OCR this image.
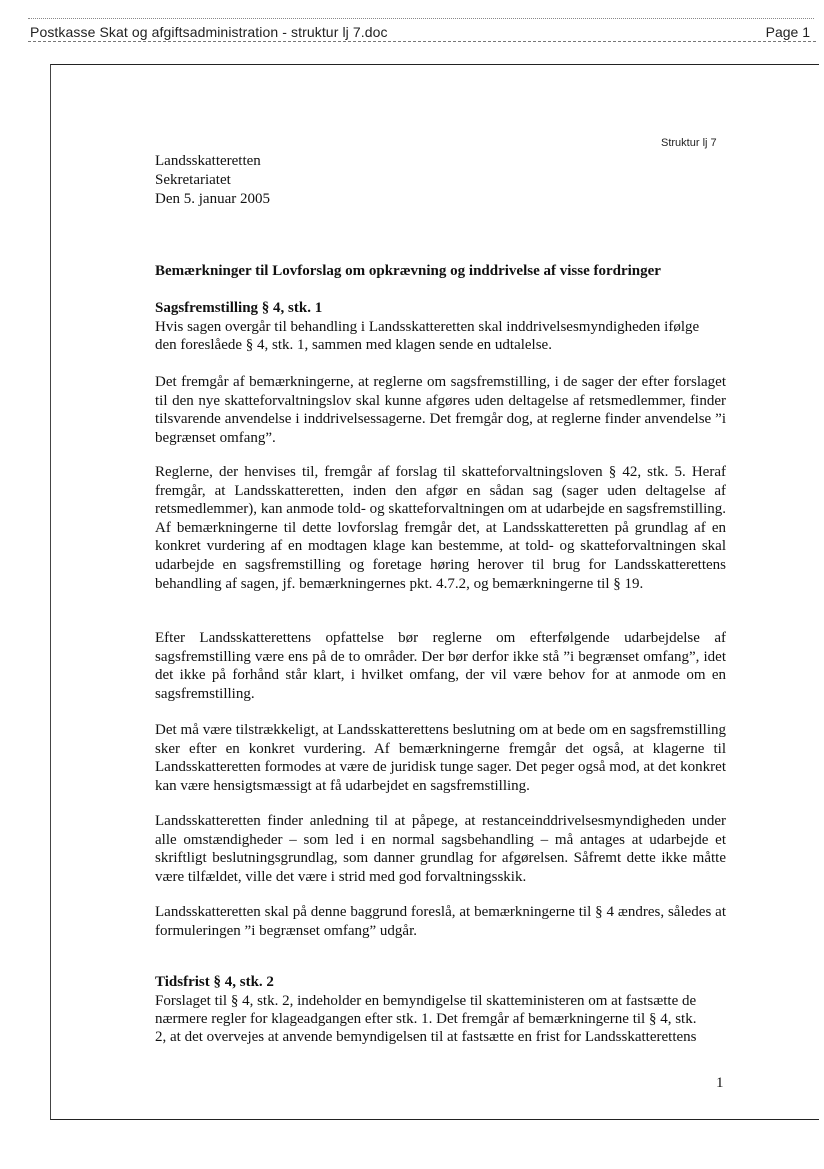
Postkasse Skat og afgiftsadministration - struktur lj 7.doc	Page 1
Struktur lj 7
Landsskatteretten
Sekretariatet
Den 5. januar 2005
Bemærkninger til Lovforslag om opkrævning og inddrivelse af visse fordringer
Sagsfremstilling § 4, stk. 1
Hvis sagen overgår til behandling i Landsskatteretten skal inddrivelsesmyndigheden ifølge
den foreslåede § 4, stk. 1, sammen med klagen sende en udtalelse.
Det fremgår af bemærkningerne, at reglerne om sagsfremstilling, i de sager der efter forslaget til den nye skatteforvaltningslov skal kunne afgøres uden deltagelse af retsmedlemmer, finder tilsvarende anvendelse i inddrivelsessagerne. Det fremgår dog, at reglerne finder anvendelse ”i begrænset omfang”.
Reglerne, der henvises til, fremgår af forslag til skatteforvaltningsloven § 42, stk. 5. Heraf fremgår, at Landsskatteretten, inden den afgør en sådan sag (sager uden deltagelse af retsmedlemmer), kan anmode told- og skatteforvaltningen om at udarbejde en sagsfremstilling. Af bemærkningerne til dette lovforslag fremgår det, at Landsskatteretten på grundlag af en konkret vurdering af en modtagen klage kan bestemme, at told- og skatteforvaltningen skal udarbejde en sagsfremstilling og foretage høring herover til brug for Landsskatterettens behandling af sagen, jf. bemærkningernes pkt. 4.7.2, og bemærkningerne til § 19.
Efter Landsskatterettens opfattelse bør reglerne om efterfølgende udarbejdelse af sagsfremstilling være ens på de to områder. Der bør derfor ikke stå ”i begrænset omfang”, idet det ikke på forhånd står klart, i hvilket omfang, der vil være behov for at anmode om en sagsfremstilling.
Det må være tilstrækkeligt, at Landsskatterettens beslutning om at bede om en sagsfremstilling sker efter en konkret vurdering. Af bemærkningerne fremgår det også, at klagerne til Landsskatteretten formodes at være de juridisk tunge sager. Det peger også mod, at det konkret kan være hensigtsmæssigt at få udarbejdet en sagsfremstilling.
Landsskatteretten finder anledning til at påpege, at restanceinddrivelsesmyndigheden under alle omstændigheder – som led i en normal sagsbehandling – må antages at udarbejde et skriftligt beslutningsgrundlag, som danner grundlag for afgørelsen. Såfremt dette ikke måtte være tilfældet, ville det være i strid med god forvaltningsskik.
Landsskatteretten skal på denne baggrund foreslå, at bemærkningerne til § 4 ændres, således at formuleringen ”i begrænset omfang” udgår.
Tidsfrist § 4, stk. 2
Forslaget til § 4, stk. 2, indeholder en bemyndigelse til skatteministeren om at fastsætte de
nærmere regler for klageadgangen efter stk. 1. Det fremgår af bemærkningerne til § 4, stk.
2, at det overvejes at anvende bemyndigelsen til at fastsætte en frist for Landsskatterettens
1
